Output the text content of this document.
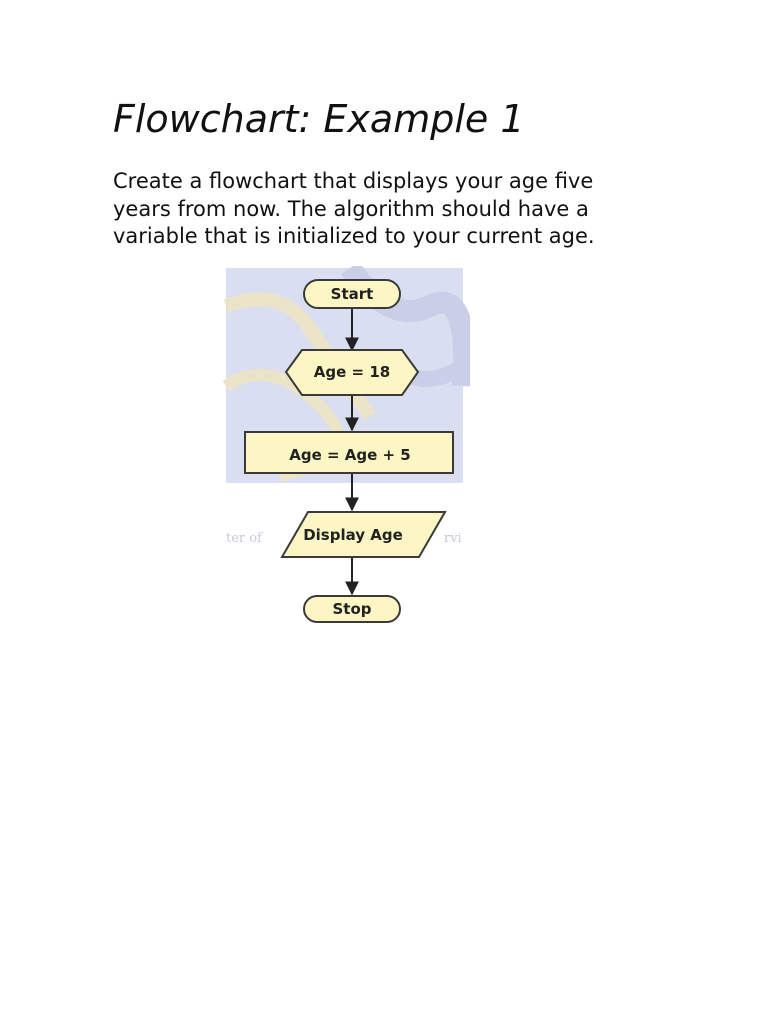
Flowchart: Example 1

Create a flowchart that displays your age five
years from now. The algorithm should have a
variable that is initialized to your current age.

ter of	rvi
Start
Age = 18
Age = Age + 5
Display Age
Stop
